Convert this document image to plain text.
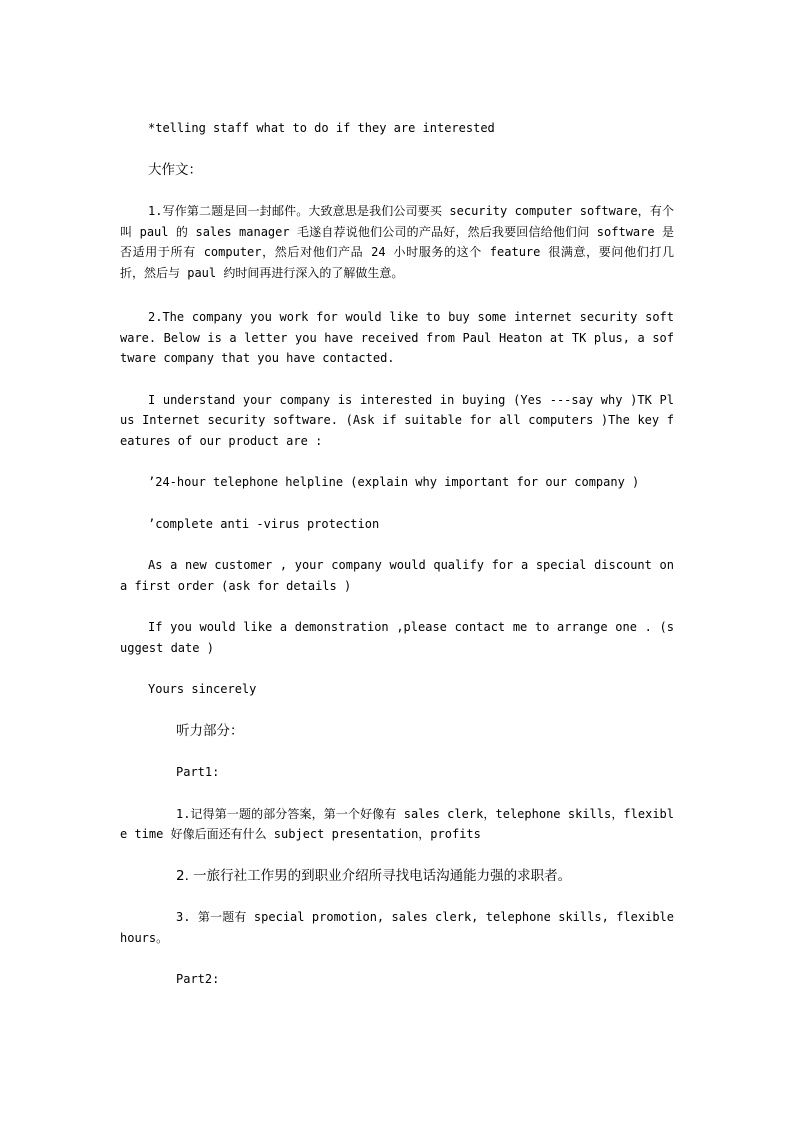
*telling staff what to do if they are interested

大作文：

1.写作第二题是回一封邮件。大致意思是我们公司要买 security computer software，有个叫 paul 的 sales manager 毛遂自荐说他们公司的产品好，然后我要回信给他们问 software 是否适用于所有 computer，然后对他们产品 24 小时服务的这个 feature 很满意，要问他们打几折，然后与 paul 约时间再进行深入的了解做生意。

2.The company you work for would like to buy some internet security software. Below is a letter you have received from Paul Heaton at TK plus, a software company that you have contacted.

I understand your company is interested in buying (Yes ---say why )TK Plus Internet security software. (Ask if suitable for all computers )The key features of our product are :

’24-hour telephone helpline (explain why important for our company )

’complete anti -virus protection

As a new customer , your company would qualify for a special discount on a first order (ask for details )

If you would like a demonstration ,please contact me to arrange one . (suggest date )

Yours sincerely

听力部分：

Part1:

1.记得第一题的部分答案，第一个好像有 sales clerk，telephone skills，flexible time 好像后面还有什么 subject presentation，profits

2. 一旅行社工作男的到职业介绍所寻找电话沟通能力强的求职者。

3. 第一题有 special promotion, sales clerk, telephone skills, flexible hours。

Part2:
